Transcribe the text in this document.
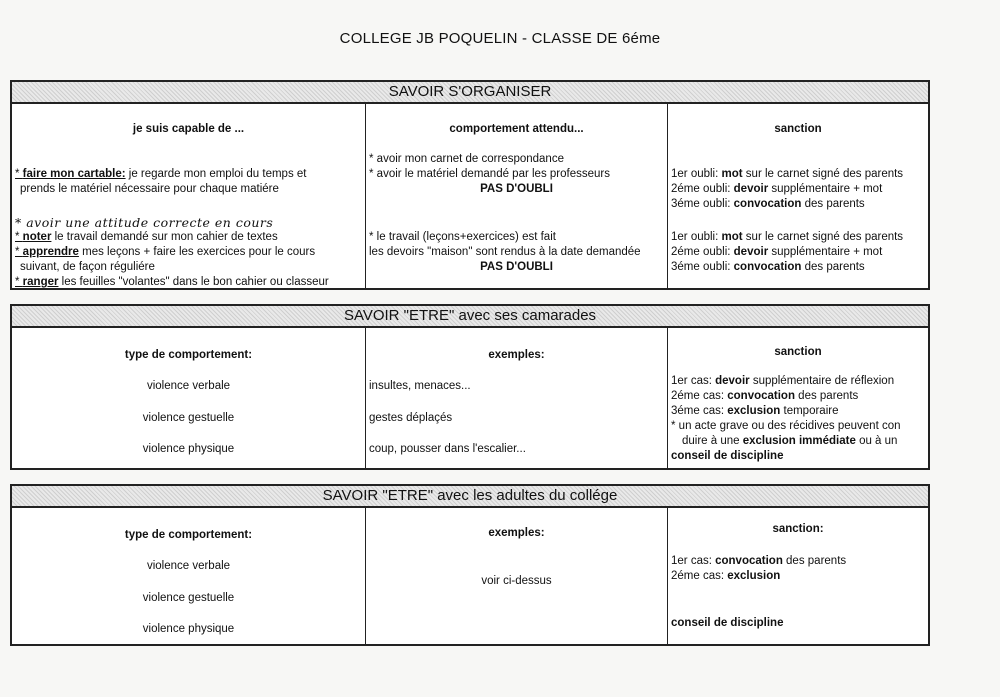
COLLEGE JB POQUELIN - CLASSE DE 6éme
SAVOIR S'ORGANISER
je suis capable de ...
* faire mon cartable: je regarde mon emploi du temps et
prends le matériel nécessaire pour chaque matiére
* avoir une attitude correcte en cours
* noter le travail demandé sur mon cahier de textes
* apprendre mes leçons + faire les exercices pour le cours
suivant, de façon réguliére
* ranger les feuilles "volantes" dans le bon cahier ou classeur
comportement attendu...
* avoir mon carnet de correspondance
* avoir le matériel demandé par les professeurs
PAS D'OUBLI
* le travail (leçons+exercices) est fait
les devoirs "maison" sont rendus à la date demandée
PAS D'OUBLI
sanction
1er oubli: mot sur le carnet signé des parents
2éme oubli: devoir supplémentaire + mot
3éme oubli: convocation des parents
1er oubli: mot sur le carnet signé des parents
2éme oubli: devoir supplémentaire + mot
3éme oubli: convocation des parents
SAVOIR "ETRE" avec ses camarades
type de comportement:
violence verbale
violence gestuelle
violence physique
exemples:
insultes, menaces...
gestes déplaçés
coup, pousser dans l'escalier...
sanction
1er cas: devoir supplémentaire de réflexion
2éme cas: convocation des parents
3éme cas: exclusion temporaire
* un acte grave ou des récidives peuvent con
duire à une exclusion immédiate ou à un
conseil de discipline
SAVOIR "ETRE" avec les adultes du collége
type de comportement:
violence verbale
violence gestuelle
violence physique
exemples:
voir ci-dessus
sanction:
1er cas: convocation des parents
2éme cas: exclusion
conseil de discipline
